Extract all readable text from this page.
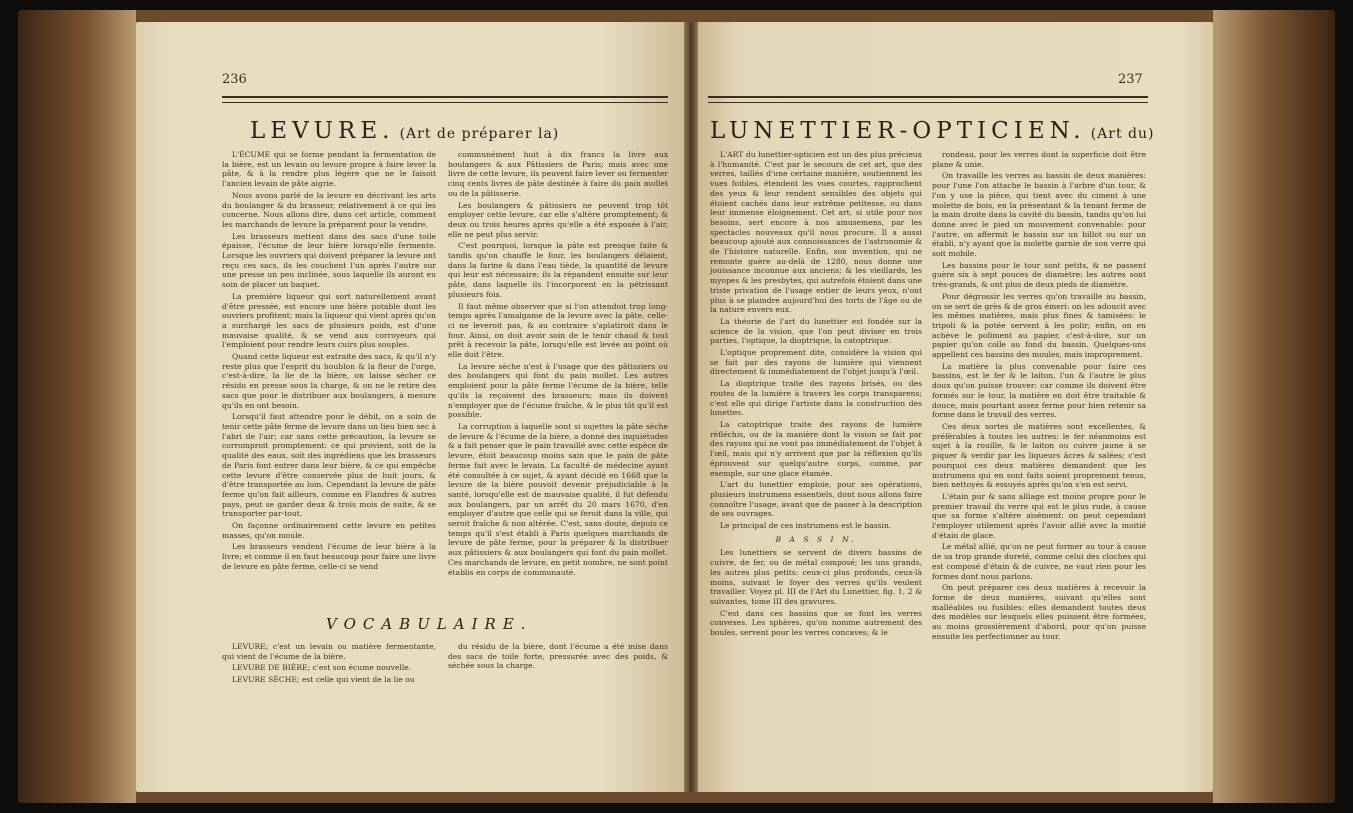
236
LEVURE. (Art de préparer la)

L'ÉCUME qui se forme pendant la fermentation de la bière, est un levain ou levure propre à faire lever la pâte, & à la rendre plus légère que ne le faisoit l'ancien levain de pâte aigrie.

Nous avons parlé de la levure en décrivant les arts du boulanger & du brasseur, relativement à ce qui les concerne. Nous allons dire, dans cet article, comment les marchands de levure la préparent pour la vendre.

Les brasseurs mettent dans des sacs d'une toile épaisse, l'écume de leur bière lorsqu'elle fermente. Lorsque les ouvriers qui doivent préparer la levure ont reçu ces sacs, ils les couchent l'un après l'autre sur une presse un peu inclinée, sous laquelle ils auront eu soin de placer un baquet.

La première liqueur qui sort naturellement avant d'être pressée, est encore une bière potable dont les ouvriers profitent; mais la liqueur qui vient après qu'on a surchargé les sacs de plusieurs poids, est d'une mauvaise qualité, & se vend aux corroyeurs qui l'emploient pour rendre leurs cuirs plus souples.

Quand cette liqueur est extraite des sacs, & qu'il n'y reste plus que l'esprit du houblon & la fleur de l'orge, c'est-à-dire, la lie de la bière, on laisse sécher ce résidu en presse sous la charge, & on ne le retire des sacs que pour le distribuer aux boulangers, à mesure qu'ils en ont besoin.

Lorsqu'il faut attendre pour le débit, on a soin de tenir cette pâte ferme de levure dans un lieu bien sec à l'abri de l'air; car sans cette précaution, la levure se corromproit promptement: ce qui provient, soit de la qualité des eaux, soit des ingrédiens que les brasseurs de Paris font entrer dans leur bière, & ce qui empêche cette levure d'être conservée plus de huit jours, & d'être transportée au loin. Cependant la levure de pâte ferme qu'on fait ailleurs, comme en Flandres & autres pays, peut se garder deux & trois mois de suite, & se transporter par-tout.

On façonne ordinairement cette levure en petites masses, qu'on moule.

Les brasseurs vendent l'écume de leur bière à la livre; et comme il en faut beaucoup pour faire une livre de levure en pâte ferme, celle-ci se vend

communément huit à dix francs la livre aux boulangers & aux Pâtissiers de Paris; mais avec une livre de cette levure, ils peuvent faire lever ou fermenter cinq cents livres de pâte destinée à faire du pain mollet ou de la pâtisserie.

Les boulangers & pâtissiers ne peuvent trop tôt employer cette levure, car elle s'altère promptement; & deux ou trois heures après qu'elle a été exposée à l'air, elle ne peut plus servir.

C'est pourquoi, lorsque la pâte est presque faite & tandis qu'on chauffe le four, les boulangers délaient, dans la farine & dans l'eau tiède, la quantité de levure qui leur est nécessaire; ils la répandent ensuite sur leur pâte, dans laquelle ils l'incorporent en la pétrissant plusieurs fois.

Il faut même observer que si l'on attendoit trop long-temps après l'amalgame de la levure avec la pâte, celle-ci ne leveroit pas, & au contraire s'aplatiroit dans le four. Ainsi, on doit avoir soin de le tenir chaud & tout prêt à recevoir la pâte, lorsqu'elle est levée au point où elle doit l'être.

La levure sèche n'est à l'usage que des pâtissiers ou des boulangers qui font du pain mollet. Les autres emploient pour la pâte ferme l'écume de la bière, telle qu'ils la reçoivent des brasseurs; mais ils doivent n'employer que de l'écume fraîche, & le plus tôt qu'il est possible.

La corruption à laquelle sont si sujettes la pâte sèche de levure & l'écume de la bière, a donné des inquiétudes & a fait penser que le pain travaillé avec cette espèce de levure, étoit beaucoup moins sain que le pain de pâte ferme fait avec le levain. La faculté de médecine ayant été consultée à ce sujet, & ayant décidé en 1668 que la levure de la bière pouvoit devenir préjudiciable à la santé, lorsqu'elle est de mauvaise qualité, il fut défendu aux boulangers, par un arrêt du 20 mars 1670, d'en employer d'autre que celle qui se feroit dans la ville, qui seroit fraîche & non altérée. C'est, sans doute, depuis ce temps qu'il s'est établi à Paris quelques marchands de levure de pâte ferme, pour la préparer & la distribuer aux pâtissiers & aux boulangers qui font du pain mollet. Ces marchands de levure, en petit nombre, ne sont point établis en corps de communauté.

VOCABULAIRE.

LEVURE; c'est un levain ou matière fermentante, qui vient de l'écume de la bière.

LEVURE DE BIÈRE; c'est son écume nouvelle.

LEVURE SÈCHE; est celle qui vient de la lie ou

du résidu de la bière, dont l'écume a été mise dans des sacs de toile forte, pressurée avec des poids, & séchée sous la charge.

237
LUNETTIER-OPTICIEN. (Art du)

L'ART du lunettier-opticien est un des plus précieux à l'humanité. C'est par le secours de cet art, que des verres, taillés d'une certaine manière, soutiennent les vues foibles, étendent les vues courtes, rapprochent des yeux & leur rendent sensibles des objets qui étoient cachés dans leur extrême petitesse, ou dans leur immense éloignement. Cet art, si utile pour nos besoins, sert encore à nos amusemens, par les spectacles nouveaux qu'il nous procure. Il a aussi beaucoup ajouté aux connoissances de l'astronomie & de l'histoire naturelle. Enfin, son invention, qui ne remonte guère au-delà de 1280, nous donne une jouissance inconnue aux anciens; & les vieillards, les myopes & les presbytes, qui autrefois étoient dans une triste privation de l'usage entier de leurs yeux, n'ont plus à se plaindre aujourd'hui des torts de l'âge ou de la nature envers eux.

La théorie de l'art du lunettier est fondée sur la science de la vision, que l'on peut diviser en trois parties, l'optique, la dioptrique, la catoptrique.

L'optique proprement dite, considère la vision qui se fait par des rayons de lumière qui viennent directement & immédiatement de l'objet jusqu'à l'œil.

La dioptrique traite des rayons brisés, ou des routes de la lumière à travers les corps transparens; c'est elle qui dirige l'artiste dans la construction des lunettes.

La catoptrique traite des rayons de lumière réfléchis, ou de la manière dont la vision se fait par des rayons qui ne vont pas immédiatement de l'objet à l'œil, mais qui n'y arrivent que par la réflexion qu'ils éprouvent sur quelqu'autre corps, comme, par exemple, sur une glace étamée.

L'art du lunettier emploie, pour ses opérations, plusieurs instrumens essentiels, dont nous allons faire connoître l'usage, avant que de passer à la description de ses ouvrages.

Le principal de ces instrumens est le bassin.

B A S S I N.

Les lunettiers se servent de divers bassins de cuivre, de fer, ou de métal composé; les uns grands, les autres plus petits: ceux-ci plus profonds, ceux-là moins, suivant le foyer des verres qu'ils veulent travailler. Voyez pl. III de l'Art du Lunettier, fig. 1, 2 & suivantes, tome III des gravures.

C'est dans ces bassins que se font les verres convexes. Les sphères, qu'on nomme autrement des boules, servent pour les verres concaves; & le

rondeau, pour les verres dont la superficie doit être plane & unie.

On travaille les verres au bassin de deux manières: pour l'une l'on attache le bassin à l'arbre d'un tour, & l'on y use la pièce, qui tient avec du ciment à une molette de bois, en la présentant & la tenant ferme de la main droite dans la cavité du bassin, tandis qu'on lui donne avec le pied un mouvement convenable: pour l'autre, on affermit le bassin sur un billot ou sur un établi, n'y ayant que la molette garnie de son verre qui soit mobile.

Les bassins pour le tour sont petits, & ne passent guère six à sept pouces de diamètre: les autres sont très-grands, & ont plus de deux pieds de diamètre.

Pour dégrossir les verres qu'on travaille au bassin, on se sert de grès & de gros émeri: on les adoucit avec les mêmes matières, mais plus fines & tamisées: le tripoli & la potée servent à les polir; enfin, on en achève le poliment au papier, c'est-à-dire, sur un papier qu'on colle au fond du bassin. Quelques-uns appellent ces bassins des moules, mais improprement.

La matière la plus convenable pour faire ces bassins, est le fer & le laiton, l'un & l'autre le plus doux qu'on puisse trouver: car comme ils doivent être formés sur le tour, la matière en doit être traitable & douce, mais pourtant assez ferme pour bien retenir sa forme dans le travail des verres.

Ces deux sortes de matières sont excellentes, & préférables à toutes les autres: le fer néanmoins est sujet à la rouille, & le laiton ou cuivre jaune à se piquer & verdir par les liqueurs âcres & salées; c'est pourquoi ces deux matières demandent que les instrumens qui en sont faits soient proprement tenus, bien nettoyés & essuyés après qu'on s'en est servi.

L'étain pur & sans alliage est moins propre pour le premier travail du verre qui est le plus rude, à cause que sa forme s'altère aisément: on peut cependant l'employer utilement après l'avoir allié avec la moitié d'étain de glace.

Le métal allié, qu'on ne peut former au tour à cause de sa trop grande dureté, comme celui des cloches qui est composé d'étain & de cuivre, ne vaut rien pour les formes dont nous parlons.

On peut préparer ces deux matières à recevoir la forme de deux manières, suivant qu'elles sont malléables ou fusibles: elles demandent toutes deux des modèles sur lesquels elles puissent être formées, au moins grossièrement d'abord, pour qu'on puisse ensuite les perfectionner au tour.
